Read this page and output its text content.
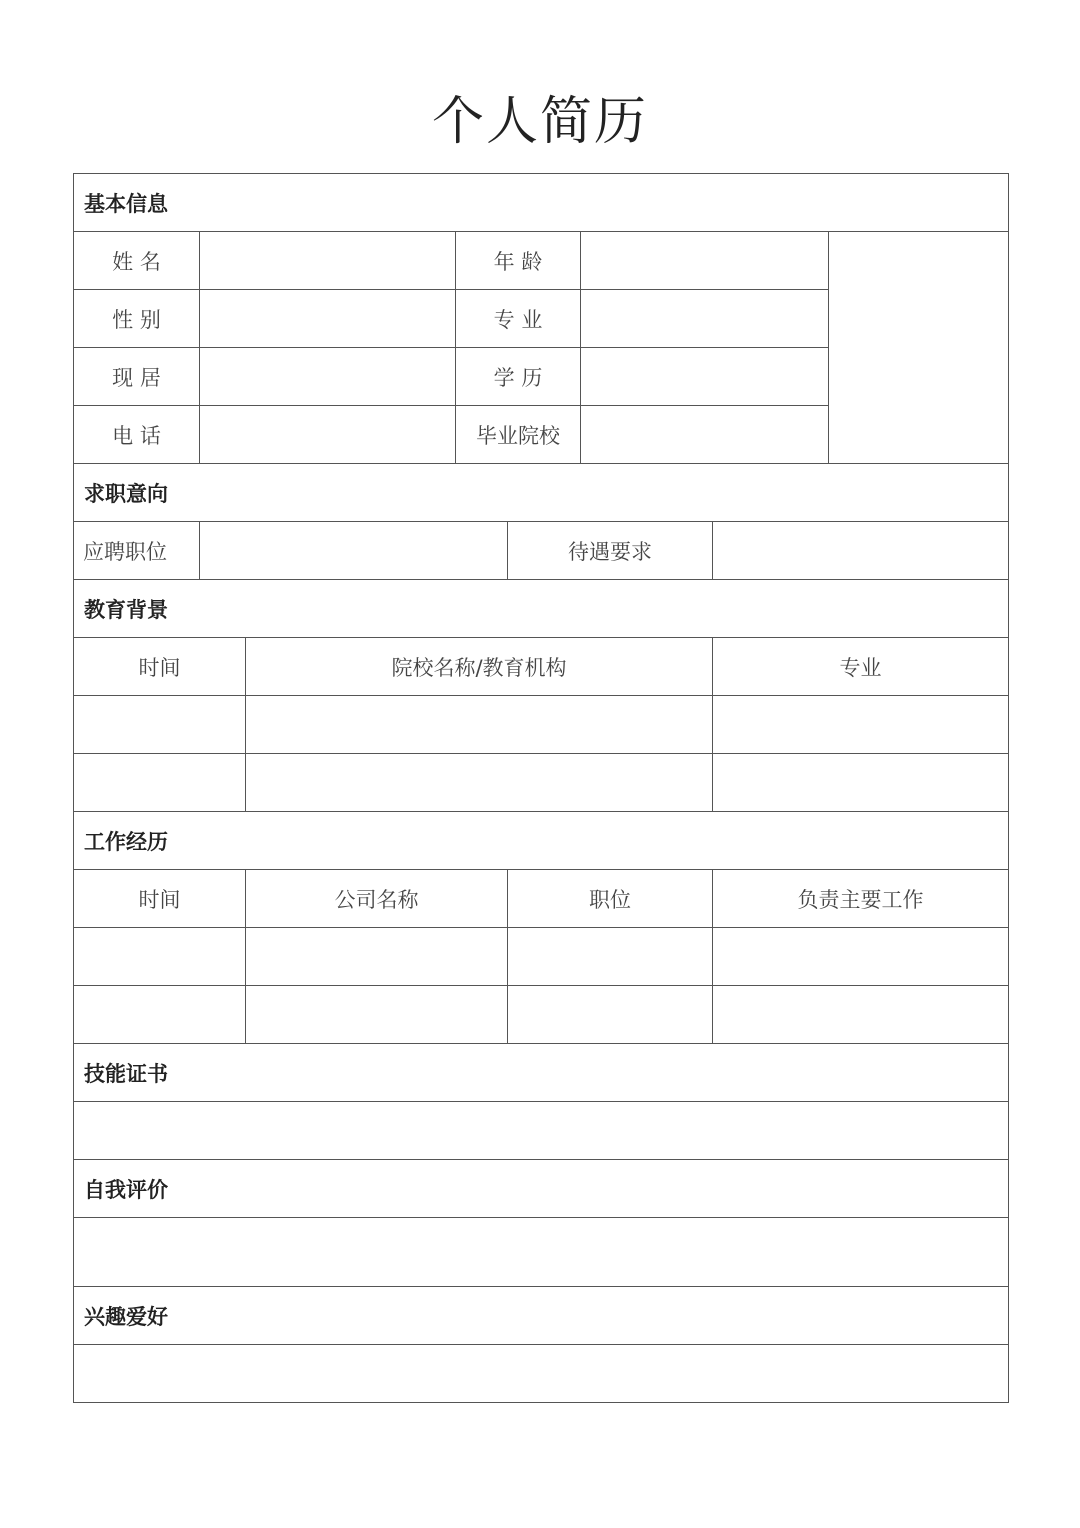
个人简历

基本信息								
姓 名			年 龄					
性 别			专 业					
现 居			学 历					
电 话			毕业院校					
求职意向								
应聘职位				待遇要求				
教育背景								
时间		院校名称/教育机构					专业	

工作经历								
时间		公司名称		职位			负责主要工作	

技能证书								

自我评价								

兴趣爱好								
